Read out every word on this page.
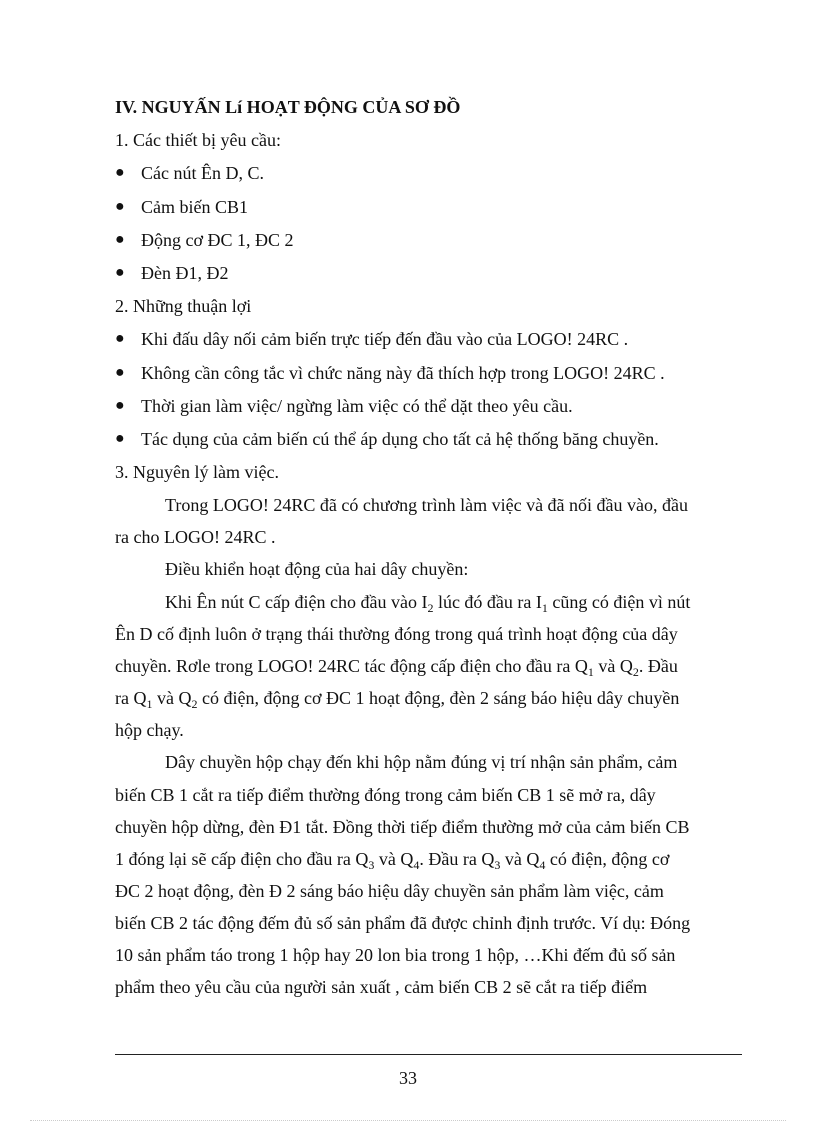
IV. NGUYẤN Lí HOẠT ĐỘNG CỦA SƠ ĐỒ
1. Các thiết bị yêu cầu:
● Các nút Ên D, C.
● Cảm biến CB1
● Động cơ ĐC 1, ĐC 2
● Đèn Đ1, Đ2
2. Những thuận lợi
● Khi đấu dây nối cảm biến trực tiếp đến đầu vào của LOGO! 24RC .
● Không cần công tắc vì chức năng này đã thích hợp trong LOGO! 24RC .
● Thời gian làm việc/ ngừng làm việc có thể dặt theo yêu cầu.
● Tác dụng của cảm biến cú thể áp dụng cho tất cả hệ thống băng chuyền.
3. Nguyên lý làm việc.
Trong LOGO! 24RC đã có chương trình làm việc và đã nối đầu vào, đầu
ra cho LOGO! 24RC .
Điều khiển hoạt động của hai dây chuyền:
Khi Ên nút C cấp điện cho đầu vào $I_2$ lúc đó đầu ra $I_1$ cũng có điện vì nút
Ên D cố định luôn ở trạng thái thường đóng trong quá trình hoạt động của dây
chuyền. Rơle trong LOGO! 24RC tác động cấp điện cho đầu ra $Q_1$ và $Q_2$. Đầu
ra $Q_1$ và $Q_2$ có điện, động cơ ĐC 1 hoạt động, đèn 2 sáng báo hiệu dây chuyền
hộp chạy.
Dây chuyền hộp chạy đến khi hộp nằm đúng vị trí nhận sản phẩm, cảm
biến CB 1 cắt ra tiếp điểm thường đóng trong cảm biến CB 1 sẽ mở ra, dây
chuyền hộp dừng, đèn Đ1 tắt. Đồng thời tiếp điểm thường mở của cảm biến CB
1 đóng lại sẽ cấp điện cho đầu ra $Q_3$ và $Q_4$. Đầu ra $Q_3$ và $Q_4$ có điện, động cơ
ĐC 2 hoạt động, đèn Đ 2 sáng báo hiệu dây chuyền sản phẩm làm việc, cảm
biến CB 2 tác động đếm đủ số sản phẩm đã được chỉnh định trước. Ví dụ: Đóng
10 sản phẩm táo trong 1 hộp hay 20 lon bia trong 1 hộp, …Khi đếm đủ số sản
phẩm theo yêu cầu của người sản xuất , cảm biến CB 2 sẽ cắt ra tiếp điểm
33
